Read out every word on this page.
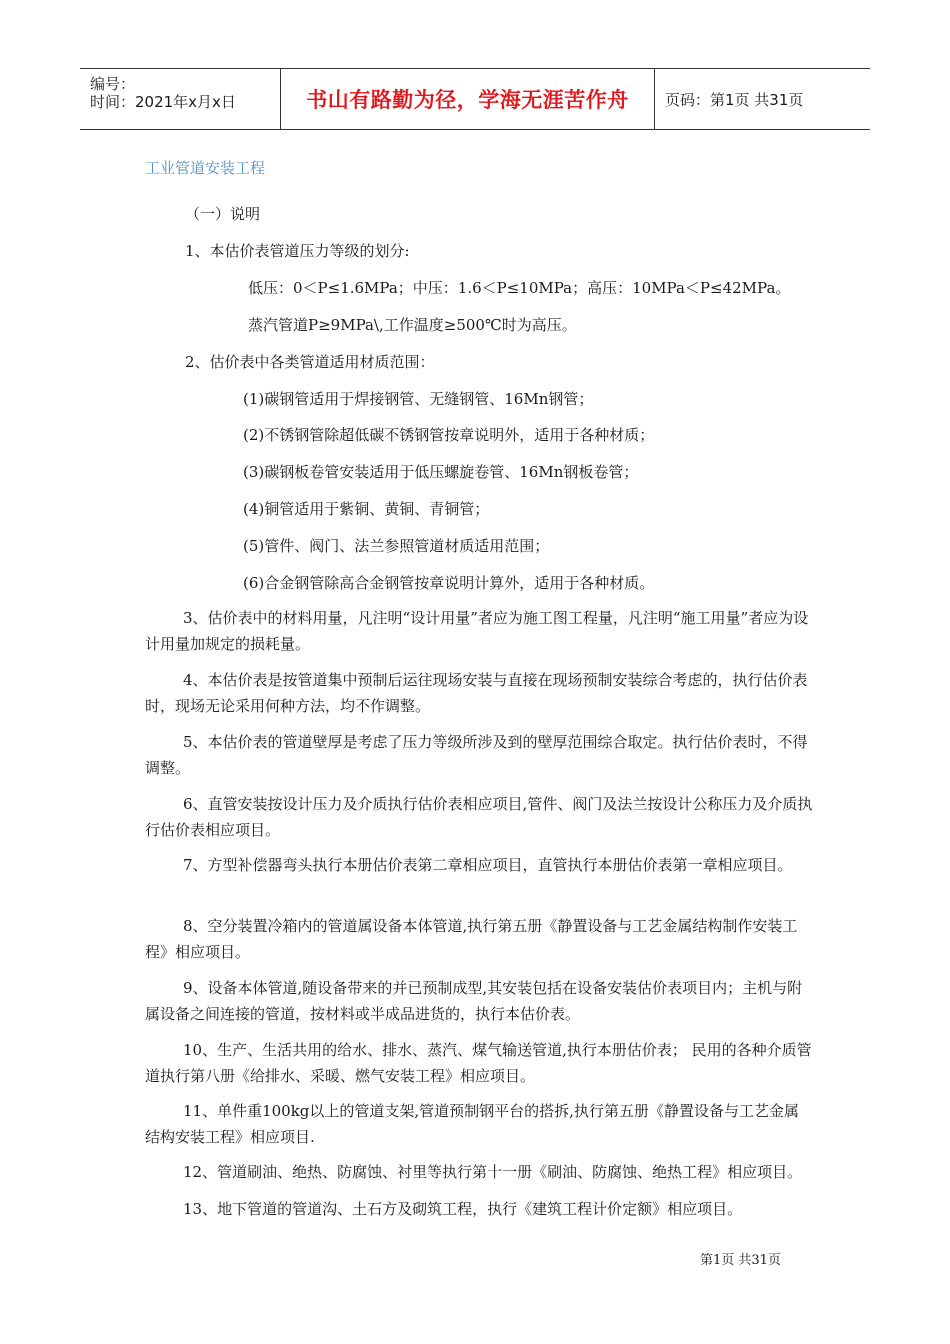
编号：
时间：2021年x月x日	书山有路勤为径，学海无涯苦作舟	页码：第1页 共31页
工业管道安装工程
（一）说明
1、本估价表管道压力等级的划分:
低压：0＜P≤1.6MPa；中压：1.6＜P≤10MPa；高压：10MPa＜P≤42MPa。
蒸汽管道P≥9MPa\,工作温度≥500℃时为高压。
2、估价表中各类管道适用材质范围：
(1)碳钢管适用于焊接钢管、无缝钢管、16Mn钢管；
(2)不锈钢管除超低碳不锈钢管按章说明外，适用于各种材质；
(3)碳钢板卷管安装适用于低压螺旋卷管、16Mn钢板卷管；
(4)铜管适用于紫铜、黄铜、青铜管；
(5)管件、阀门、法兰参照管道材质适用范围；
(6)合金钢管除高合金钢管按章说明计算外，适用于各种材质。
3、估价表中的材料用量，凡注明“设计用量”者应为施工图工程量，凡注明“施工用量”者应为设计用量加规定的损耗量。
4、本估价表是按管道集中预制后运往现场安装与直接在现场预制安装综合考虑的，执行估价表时，现场无论采用何种方法，均不作调整。
5、本估价表的管道壁厚是考虑了压力等级所涉及到的壁厚范围综合取定。执行估价表时，不得调整。
6、直管安装按设计压力及介质执行估价表相应项目,管件、阀门及法兰按设计公称压力及介质执行估价表相应项目。
7、方型补偿器弯头执行本册估价表第二章相应项目，直管执行本册估价表第一章相应项目。
8、空分装置冷箱内的管道属设备本体管道,执行第五册《静置设备与工艺金属结构制作安装工程》相应项目。
9、设备本体管道,随设备带来的并已预制成型,其安装包括在设备安装估价表项目内；主机与附属设备之间连接的管道，按材料或半成品进货的，执行本估价表。
10、生产、生活共用的给水、排水、蒸汽、煤气输送管道,执行本册估价表； 民用的各种介质管道执行第八册《给排水、采暖、燃气安装工程》相应项目。
11、单件重100kg以上的管道支架,管道预制钢平台的搭拆,执行第五册《静置设备与工艺金属结构安装工程》相应项目.
12、管道刷油、绝热、防腐蚀、衬里等执行第十一册《刷油、防腐蚀、绝热工程》相应项目。
13、地下管道的管道沟、土石方及砌筑工程，执行《建筑工程计价定额》相应项目。
第1页 共31页
